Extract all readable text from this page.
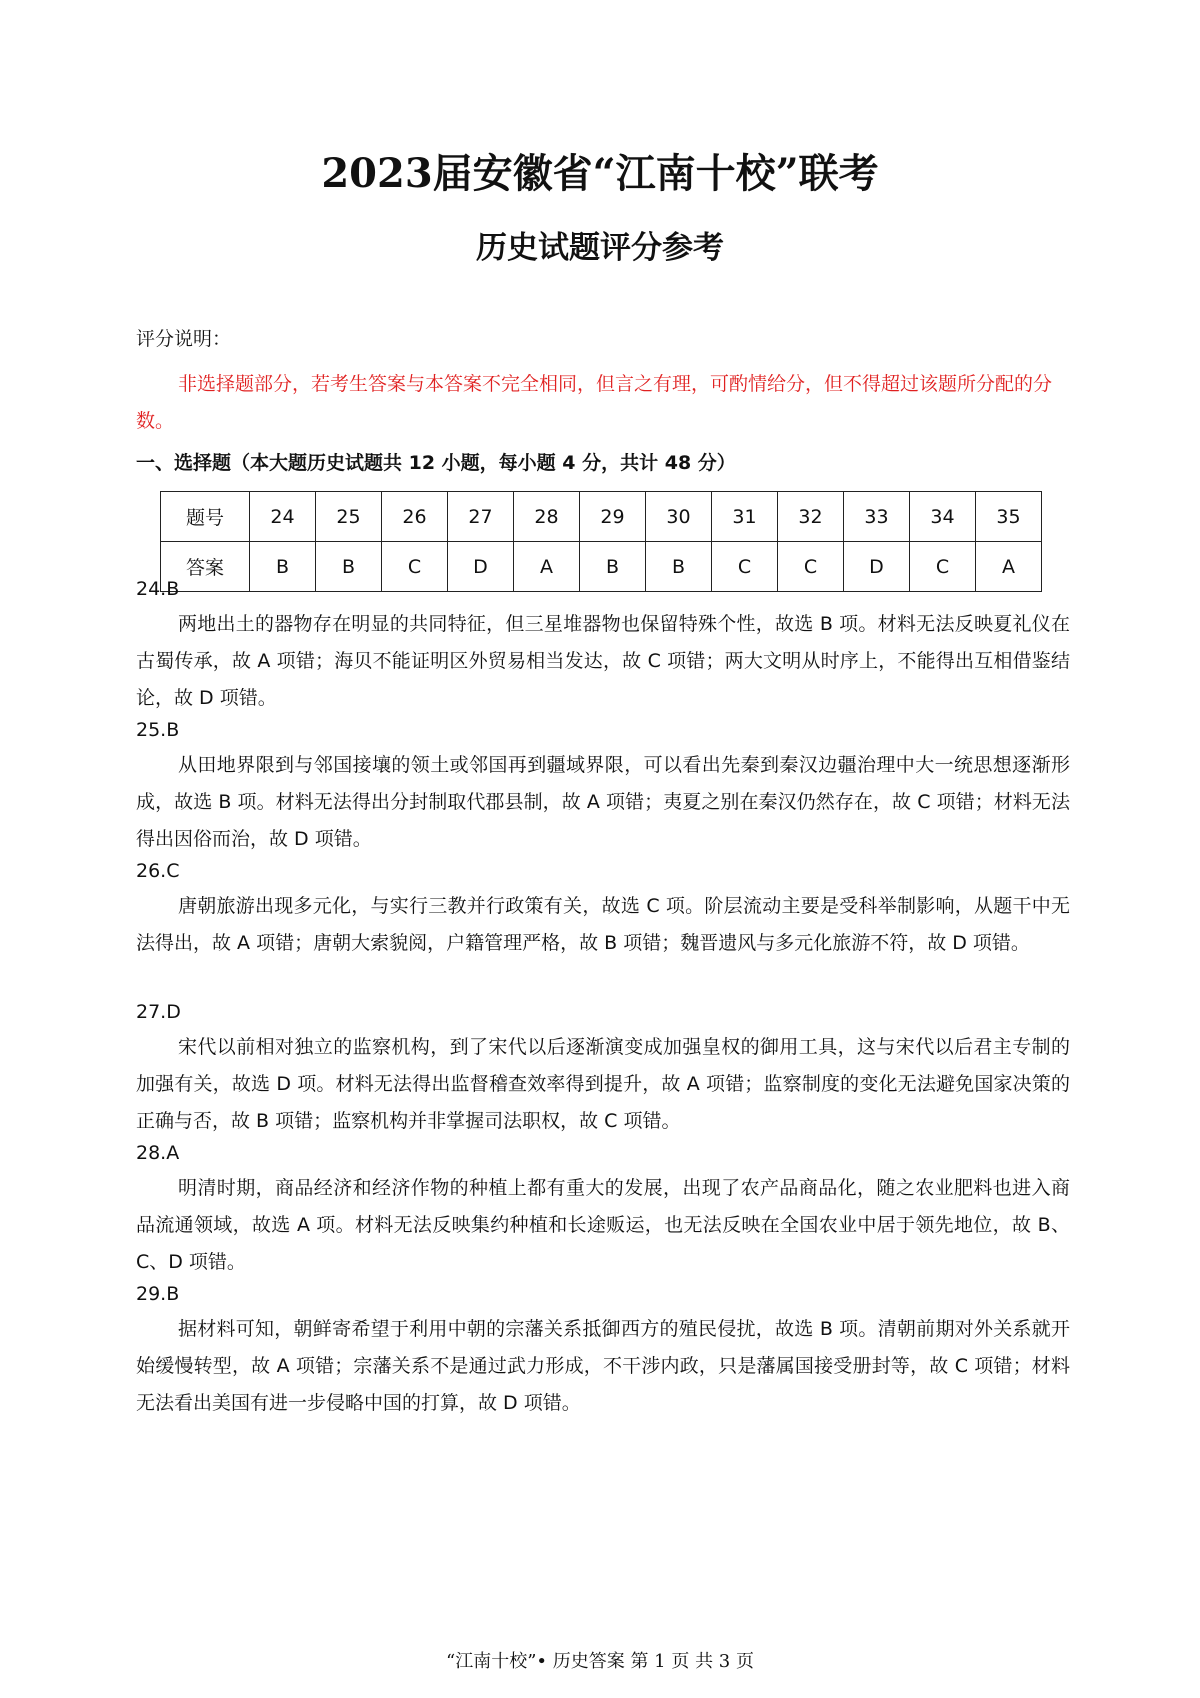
2023届安徽省“江南十校”联考
历史试题评分参考
评分说明：
非选择题部分，若考生答案与本答案不完全相同，但言之有理，可酌情给分，但不得超过该题所分配的分数。
一、选择题（本大题历史试题共 12 小题，每小题 4 分，共计 48 分）
题号	24	25	26	27	28	29	30	31	32	33	34	35
答案	B	B	C	D	A	B	B	C	C	D	C	A
24.B
两地出土的器物存在明显的共同特征，但三星堆器物也保留特殊个性，故选 B 项。材料无法反映夏礼仪在古蜀传承，故 A 项错；海贝不能证明区外贸易相当发达，故 C 项错；两大文明从时序上，不能得出互相借鉴结论，故 D 项错。
25.B
从田地界限到与邻国接壤的领土或邻国再到疆域界限，可以看出先秦到秦汉边疆治理中大一统思想逐渐形成，故选 B 项。材料无法得出分封制取代郡县制，故 A 项错；夷夏之别在秦汉仍然存在，故 C 项错；材料无法得出因俗而治，故 D 项错。
26.C
唐朝旅游出现多元化，与实行三教并行政策有关，故选 C 项。阶层流动主要是受科举制影响，从题干中无法得出，故 A 项错；唐朝大索貌阅，户籍管理严格，故 B 项错；魏晋遗风与多元化旅游不符，故 D 项错。
27.D
宋代以前相对独立的监察机构，到了宋代以后逐渐演变成加强皇权的御用工具，这与宋代以后君主专制的加强有关，故选 D 项。材料无法得出监督稽查效率得到提升，故 A 项错；监察制度的变化无法避免国家决策的正确与否，故 B 项错；监察机构并非掌握司法职权，故 C 项错。
28.A
明清时期，商品经济和经济作物的种植上都有重大的发展，出现了农产品商品化，随之农业肥料也进入商品流通领域，故选 A 项。材料无法反映集约种植和长途贩运，也无法反映在全国农业中居于领先地位，故 B、C、D 项错。
29.B
据材料可知，朝鲜寄希望于利用中朝的宗藩关系抵御西方的殖民侵扰，故选 B 项。清朝前期对外关系就开始缓慢转型，故 A 项错；宗藩关系不是通过武力形成，不干涉内政，只是藩属国接受册封等，故 C 项错；材料无法看出美国有进一步侵略中国的打算，故 D 项错。
“江南十校”• 历史答案 第 1 页 共 3 页
